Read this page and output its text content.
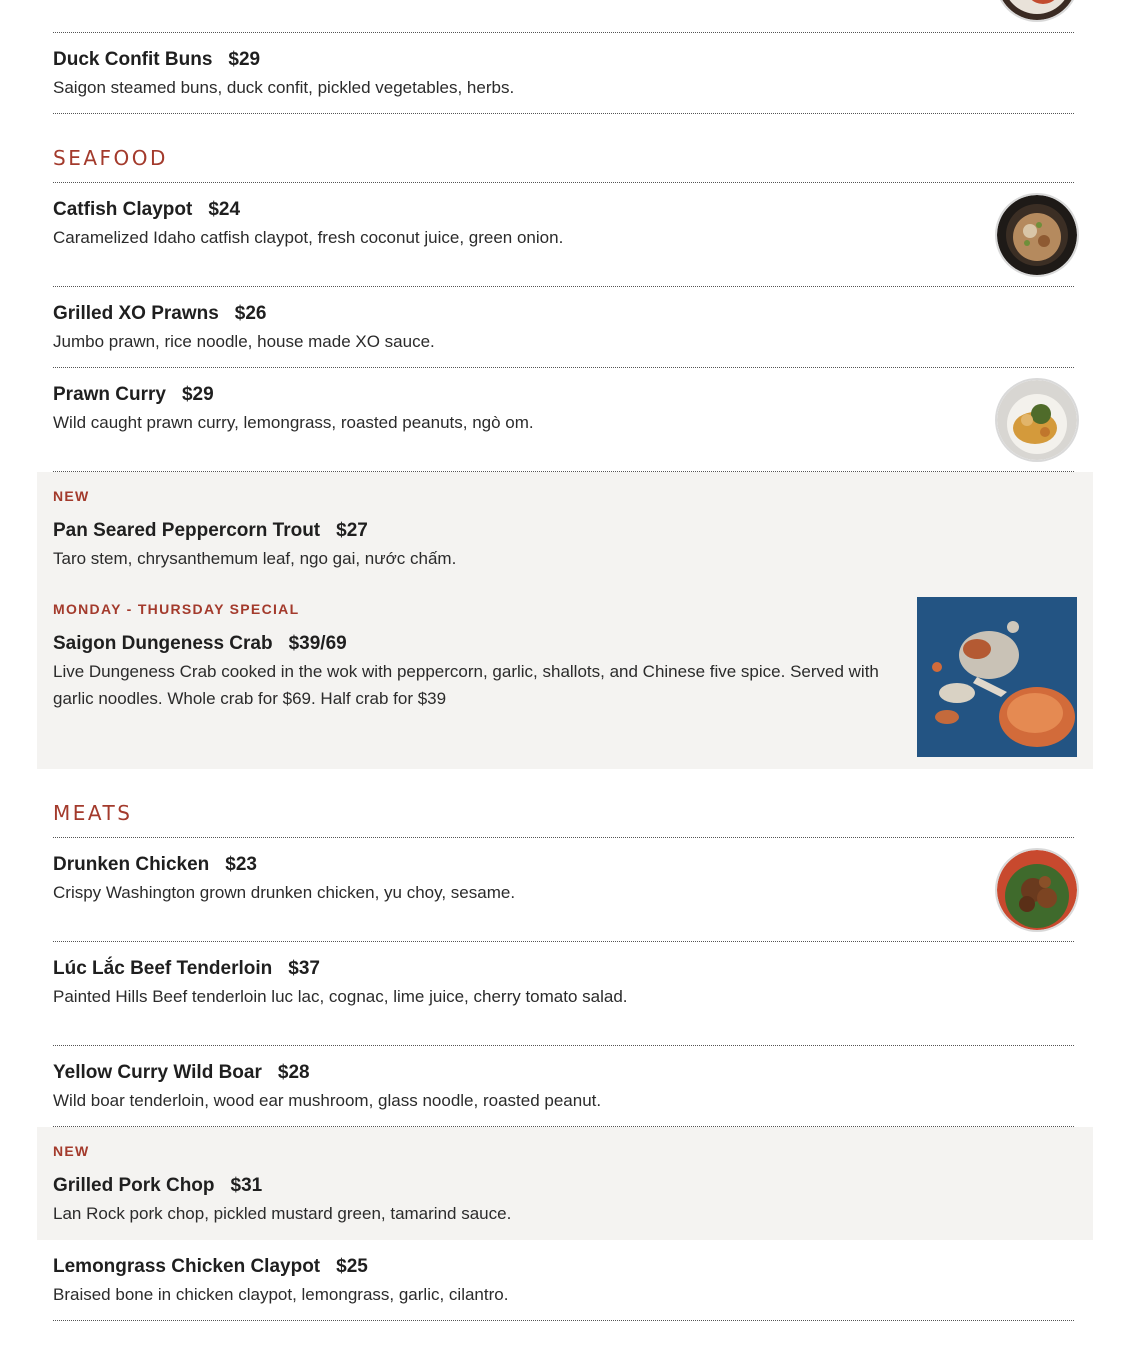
Duck Confit Buns $29
Saigon steamed buns, duck confit, pickled vegetables, herbs.
SEAFOOD
Catfish Claypot $24
Caramelized Idaho catfish claypot, fresh coconut juice, green onion.
Grilled XO Prawns $26
Jumbo prawn, rice noodle, house made XO sauce.
Prawn Curry $29
Wild caught prawn curry, lemongrass, roasted peanuts, ngò om.
NEW
Pan Seared Peppercorn Trout $27
Taro stem, chrysanthemum leaf, ngo gai, nước chấm.
MONDAY - THURSDAY SPECIAL
Saigon Dungeness Crab $39/69
Live Dungeness Crab cooked in the wok with peppercorn, garlic, shallots, and Chinese five spice. Served with garlic noodles. Whole crab for $69. Half crab for $39
MEATS
Drunken Chicken $23
Crispy Washington grown drunken chicken, yu choy, sesame.
Lúc Lắc Beef Tenderloin $37
Painted Hills Beef tenderloin luc lac, cognac, lime juice, cherry tomato salad.
Yellow Curry Wild Boar $28
Wild boar tenderloin, wood ear mushroom, glass noodle, roasted peanut.
NEW
Grilled Pork Chop $31
Lan Rock pork chop, pickled mustard green, tamarind sauce.
Lemongrass Chicken Claypot $25
Braised bone in chicken claypot, lemongrass, garlic, cilantro.
